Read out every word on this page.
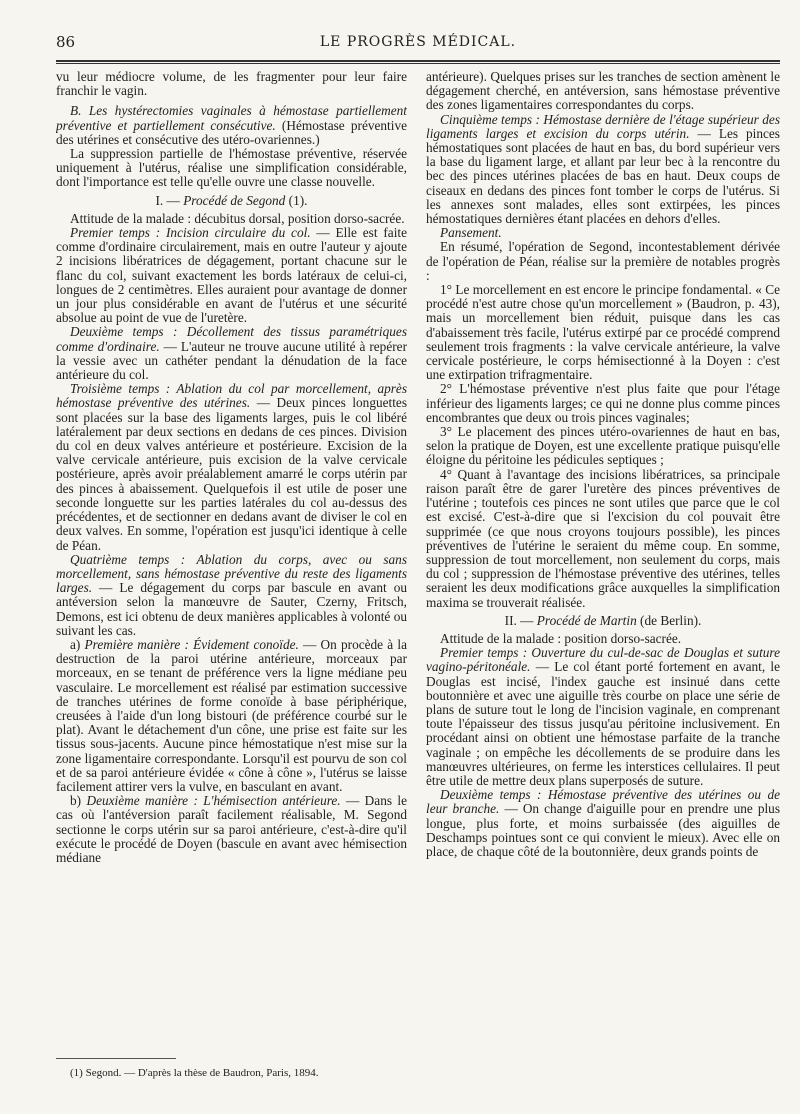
86	LE PROGRÈS MÉDICAL.

vu leur médiocre volume, de les fragmenter pour leur faire franchir le vagin.

B. Les hystérectomies vaginales à hémostase partiellement préventive et partiellement consécutive. (Hémostase préventive des utérines et consécutive des utéro-ovariennes.)

La suppression partielle de l'hémostase préventive, réservée uniquement à l'utérus, réalise une simplification considérable, dont l'importance est telle qu'elle ouvre une classe nouvelle.

I. — Procédé de Segond (1).

Attitude de la malade : décubitus dorsal, position dorso-sacrée.

Premier temps : Incision circulaire du col. — Elle est faite comme d'ordinaire circulairement, mais en outre l'auteur y ajoute 2 incisions libératrices de dégagement, portant chacune sur le flanc du col, suivant exactement les bords latéraux de celui-ci, longues de 2 centimètres. Elles auraient pour avantage de donner un jour plus considérable en avant de l'utérus et une sécurité absolue au point de vue de l'uretère.

Deuxième temps : Décollement des tissus paramétriques comme d'ordinaire. — L'auteur ne trouve aucune utilité à repérer la vessie avec un cathéter pendant la dénudation de la face antérieure du col.

Troisième temps : Ablation du col par morcellement, après hémostase préventive des utérines. — Deux pinces longuettes sont placées sur la base des ligaments larges, puis le col libéré latéralement par deux sections en dedans de ces pinces. Division du col en deux valves antérieure et postérieure. Excision de la valve cervicale antérieure, puis excision de la valve cervicale postérieure, après avoir préalablement amarré le corps utérin par des pinces à abaissement. Quelquefois il est utile de poser une seconde longuette sur les parties latérales du col au-dessus des précédentes, et de sectionner en dedans avant de diviser le col en deux valves. En somme, l'opération est jusqu'ici identique à celle de Péan.

Quatrième temps : Ablation du corps, avec ou sans morcellement, sans hémostase préventive du reste des ligaments larges. — Le dégagement du corps par bascule en avant ou antéversion selon la manœuvre de Sauter, Czerny, Fritsch, Demons, est ici obtenu de deux manières applicables à volonté ou suivant les cas.

a) Première manière : Évidement conoïde. — On procède à la destruction de la paroi utérine antérieure, morceaux par morceaux, en se tenant de préférence vers la ligne médiane peu vasculaire. Le morcellement est réalisé par estimation successive de tranches utérines de forme conoïde à base périphérique, creusées à l'aide d'un long bistouri (de préférence courbé sur le plat). Avant le détachement d'un cône, une prise est faite sur les tissus sous-jacents. Aucune pince hémostatique n'est mise sur la zone ligamentaire correspondante. Lorsqu'il est pourvu de son col et de sa paroi antérieure évidée « cône à cône », l'utérus se laisse facilement attirer vers la vulve, en basculant en avant.

b) Deuxième manière : L'hémisection antérieure. — Dans le cas où l'antéversion paraît facilement réalisable, M. Segond sectionne le corps utérin sur sa paroi antérieure, c'est-à-dire qu'il exécute le procédé de Doyen (bascule en avant avec hémisection médiane

antérieure). Quelques prises sur les tranches de section amènent le dégagement cherché, en antéversion, sans hémostase préventive des zones ligamentaires correspondantes du corps.

Cinquième temps : Hémostase dernière de l'étage supérieur des ligaments larges et excision du corps utérin. — Les pinces hémostatiques sont placées de haut en bas, du bord supérieur vers la base du ligament large, et allant par leur bec à la rencontre du bec des pinces utérines placées de bas en haut. Deux coups de ciseaux en dedans des pinces font tomber le corps de l'utérus. Si les annexes sont malades, elles sont extirpées, les pinces hémostatiques dernières étant placées en dehors d'elles.

Pansement.

En résumé, l'opération de Segond, incontestablement dérivée de l'opération de Péan, réalise sur la première de notables progrès :

1° Le morcellement en est encore le principe fondamental. « Ce procédé n'est autre chose qu'un morcellement » (Baudron, p. 43), mais un morcellement bien réduit, puisque dans les cas d'abaissement très facile, l'utérus extirpé par ce procédé comprend seulement trois fragments : la valve cervicale antérieure, la valve cervicale postérieure, le corps hémisectionné à la Doyen : c'est une extirpation trifragmentaire.

2° L'hémostase préventive n'est plus faite que pour l'étage inférieur des ligaments larges; ce qui ne donne plus comme pinces encombrantes que deux ou trois pinces vaginales;

3° Le placement des pinces utéro-ovariennes de haut en bas, selon la pratique de Doyen, est une excellente pratique puisqu'elle éloigne du péritoine les pédicules septiques ;

4° Quant à l'avantage des incisions libératrices, sa principale raison paraît être de garer l'uretère des pinces préventives de l'utérine ; toutefois ces pinces ne sont utiles que parce que le col est excisé. C'est-à-dire que si l'excision du col pouvait être supprimée (ce que nous croyons toujours possible), les pinces préventives de l'utérine le seraient du même coup. En somme, suppression de tout morcellement, non seulement du corps, mais du col ; suppression de l'hémostase préventive des utérines, telles seraient les deux modifications grâce auxquelles la simplification maxima se trouverait réalisée.

II. — Procédé de Martin (de Berlin).

Attitude de la malade : position dorso-sacrée.

Premier temps : Ouverture du cul-de-sac de Douglas et suture vagino-péritonéale. — Le col étant porté fortement en avant, le Douglas est incisé, l'index gauche est insinué dans cette boutonnière et avec une aiguille très courbe on place une série de plans de suture tout le long de l'incision vaginale, en comprenant toute l'épaisseur des tissus jusqu'au péritoine inclusivement. En procédant ainsi on obtient une hémostase parfaite de la tranche vaginale ; on empêche les décollements de se produire dans les manœuvres ultérieures, on ferme les interstices cellulaires. Il peut être utile de mettre deux plans superposés de suture.

Deuxième temps : Hémostase préventive des utérines ou de leur branche. — On change d'aiguille pour en prendre une plus longue, plus forte, et moins surbaissée (des aiguilles de Deschamps pointues sont ce qui convient le mieux). Avec elle on place, de chaque côté de la boutonnière, deux grands points de

(1) Segond. — D'après la thèse de Baudron, Paris, 1894.
